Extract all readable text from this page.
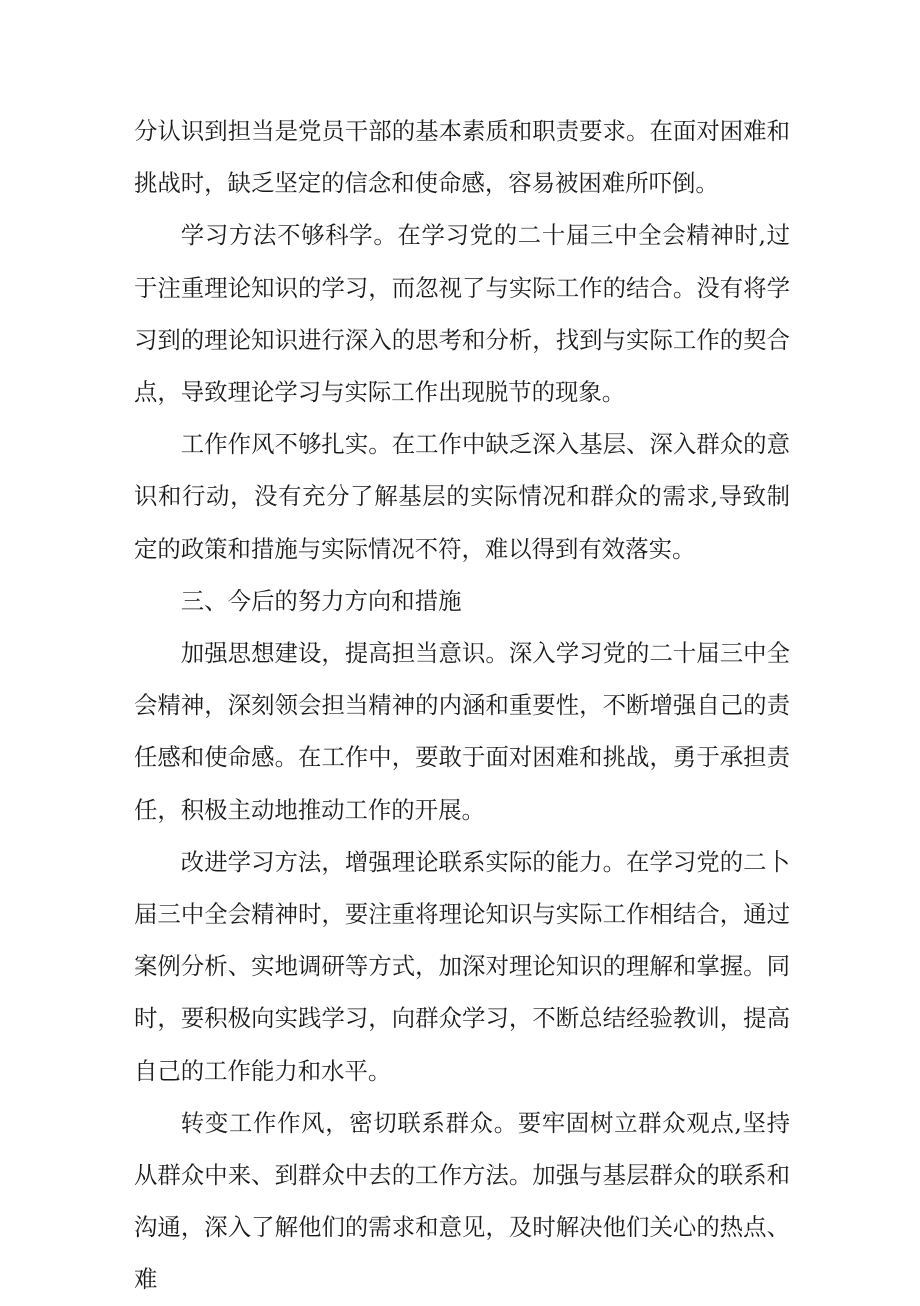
分认识到担当是党员干部的基本素质和职责要求。在面对困难和挑战时，缺乏坚定的信念和使命感，容易被困难所吓倒。

学习方法不够科学。在学习党的二十届三中全会精神时,过于注重理论知识的学习，而忽视了与实际工作的结合。没有将学习到的理论知识进行深入的思考和分析，找到与实际工作的契合点，导致理论学习与实际工作出现脱节的现象。

工作作风不够扎实。在工作中缺乏深入基层、深入群众的意识和行动，没有充分了解基层的实际情况和群众的需求,导致制定的政策和措施与实际情况不符，难以得到有效落实。

三、今后的努力方向和措施

加强思想建设，提高担当意识。深入学习党的二十届三中全会精神，深刻领会担当精神的内涵和重要性，不断增强自己的责任感和使命感。在工作中，要敢于面对困难和挑战，勇于承担责任，积极主动地推动工作的开展。

改进学习方法，增强理论联系实际的能力。在学习党的二卜届三中全会精神时，要注重将理论知识与实际工作相结合，通过案例分析、实地调研等方式，加深对理论知识的理解和掌握。同时，要积极向实践学习，向群众学习，不断总结经验教训，提高自己的工作能力和水平。

转变工作作风，密切联系群众。要牢固树立群众观点,坚持从群众中来、到群众中去的工作方法。加强与基层群众的联系和沟通，深入了解他们的需求和意见，及时解决他们关心的热点、难
